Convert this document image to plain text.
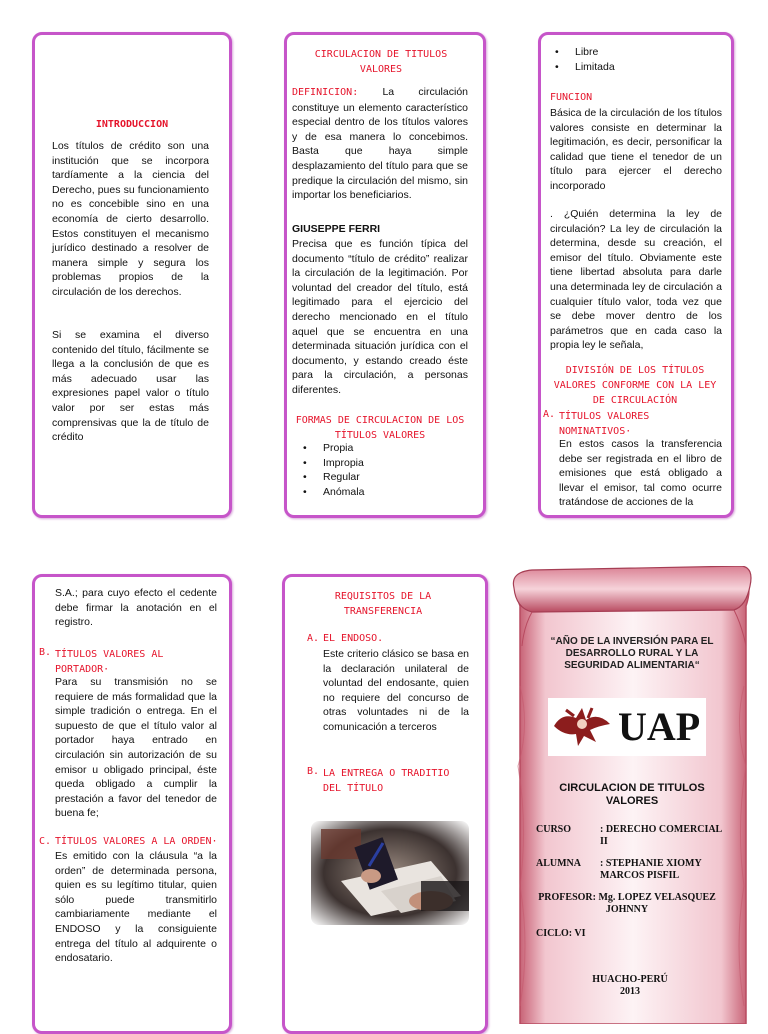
INTRODUCCION
Los títulos de crédito son una institución que se incorpora tardíamente a la ciencia del Derecho, pues su funcionamiento no es concebible sino en una economía de cierto desarrollo. Estos constituyen el mecanismo jurídico destinado a resolver de manera simple y segura los problemas propios de la circulación de los derechos.
Si se examina el diverso contenido del título, fácilmente se llega a la conclusión de que es más adecuado usar las expresiones papel valor o título valor por ser estas más comprensivas que la de título de crédito
CIRCULACION DE TITULOS VALORES
DEFINICION: La circulación constituye un elemento característico especial dentro de los títulos valores y de esa manera lo concebimos. Basta que haya simple desplazamiento del título para que se predique la circulación del mismo, sin importar los beneficiarios.
GIUSEPPE FERRI
Precisa que es función típica del documento “título de crédito” realizar la circulación de la legitimación. Por voluntad del creador del título, está legitimado para el ejercicio del derecho mencionado en el título aquel que se encuentra en una determinada situación jurídica con el documento, y estando creado éste para la circulación, a personas diferentes.
FORMAS DE CIRCULACION DE LOS TÍTULOS VALORES
• Propia
• Impropia
• Regular
• Anómala
• Libre
• Limitada
FUNCION
Básica de la circulación de los títulos valores consiste en determinar la legitimación, es decir, personificar la calidad que tiene el tenedor de un título para ejercer el derecho incorporado
. ¿Quién determina la ley de circulación? La ley de circulación la determina, desde su creación, el emisor del título. Obviamente este tiene libertad absoluta para darle una determinada ley de circulación a cualquier título valor, toda vez que se debe mover dentro de los parámetros que en cada caso la propia ley le señala,
DIVISIÓN DE LOS TÍTULOS VALORES CONFORME CON LA LEY DE CIRCULACIÓN
A. TÍTULOS VALORES NOMINATIVOS·
En estos casos la transferencia debe ser registrada en el libro de emisiones que está obligado a llevar el emisor, tal como ocurre tratándose de acciones de la
S.A.; para cuyo efecto el cedente debe firmar la anotación en el registro.
B. TÍTULOS VALORES AL PORTADOR·
Para su transmisión no se requiere de más formalidad que la simple tradición o entrega. En el supuesto de que el título valor al portador haya entrado en circulación sin autorización de su emisor u obligado principal, éste queda obligado a cumplir la prestación a favor del tenedor de buena fe;
C. TÍTULOS VALORES A LA ORDEN·
Es emitido con la cláusula “a la orden” de determinada persona, quien es su legítimo titular, quien sólo puede transmitirlo cambiariamente mediante el ENDOSO y la consiguiente entrega del título al adquirente o endosatario.
REQUISITOS DE LA TRANSFERENCIA
A. EL ENDOSO.
Este criterio clásico se basa en la declaración unilateral de voluntad del endosante, quien no requiere del concurso de otras voluntades ni de la comunicación a terceros
B. LA ENTREGA O TRADITIO DEL TÍTULO
“AÑO DE LA INVERSIÓN PARA EL DESARROLLO RURAL Y LA SEGURIDAD ALIMENTARIA“
UAP
CIRCULACION DE TITULOS VALORES
CURSO	: DERECHO COMERCIAL II
ALUMNA : STEPHANIE XIOMY MARCOS PISFIL
PROFESOR: Mg. LOPEZ VELASQUEZ JOHNNY
CICLO: VI
HUACHO-PERÚ
2013
